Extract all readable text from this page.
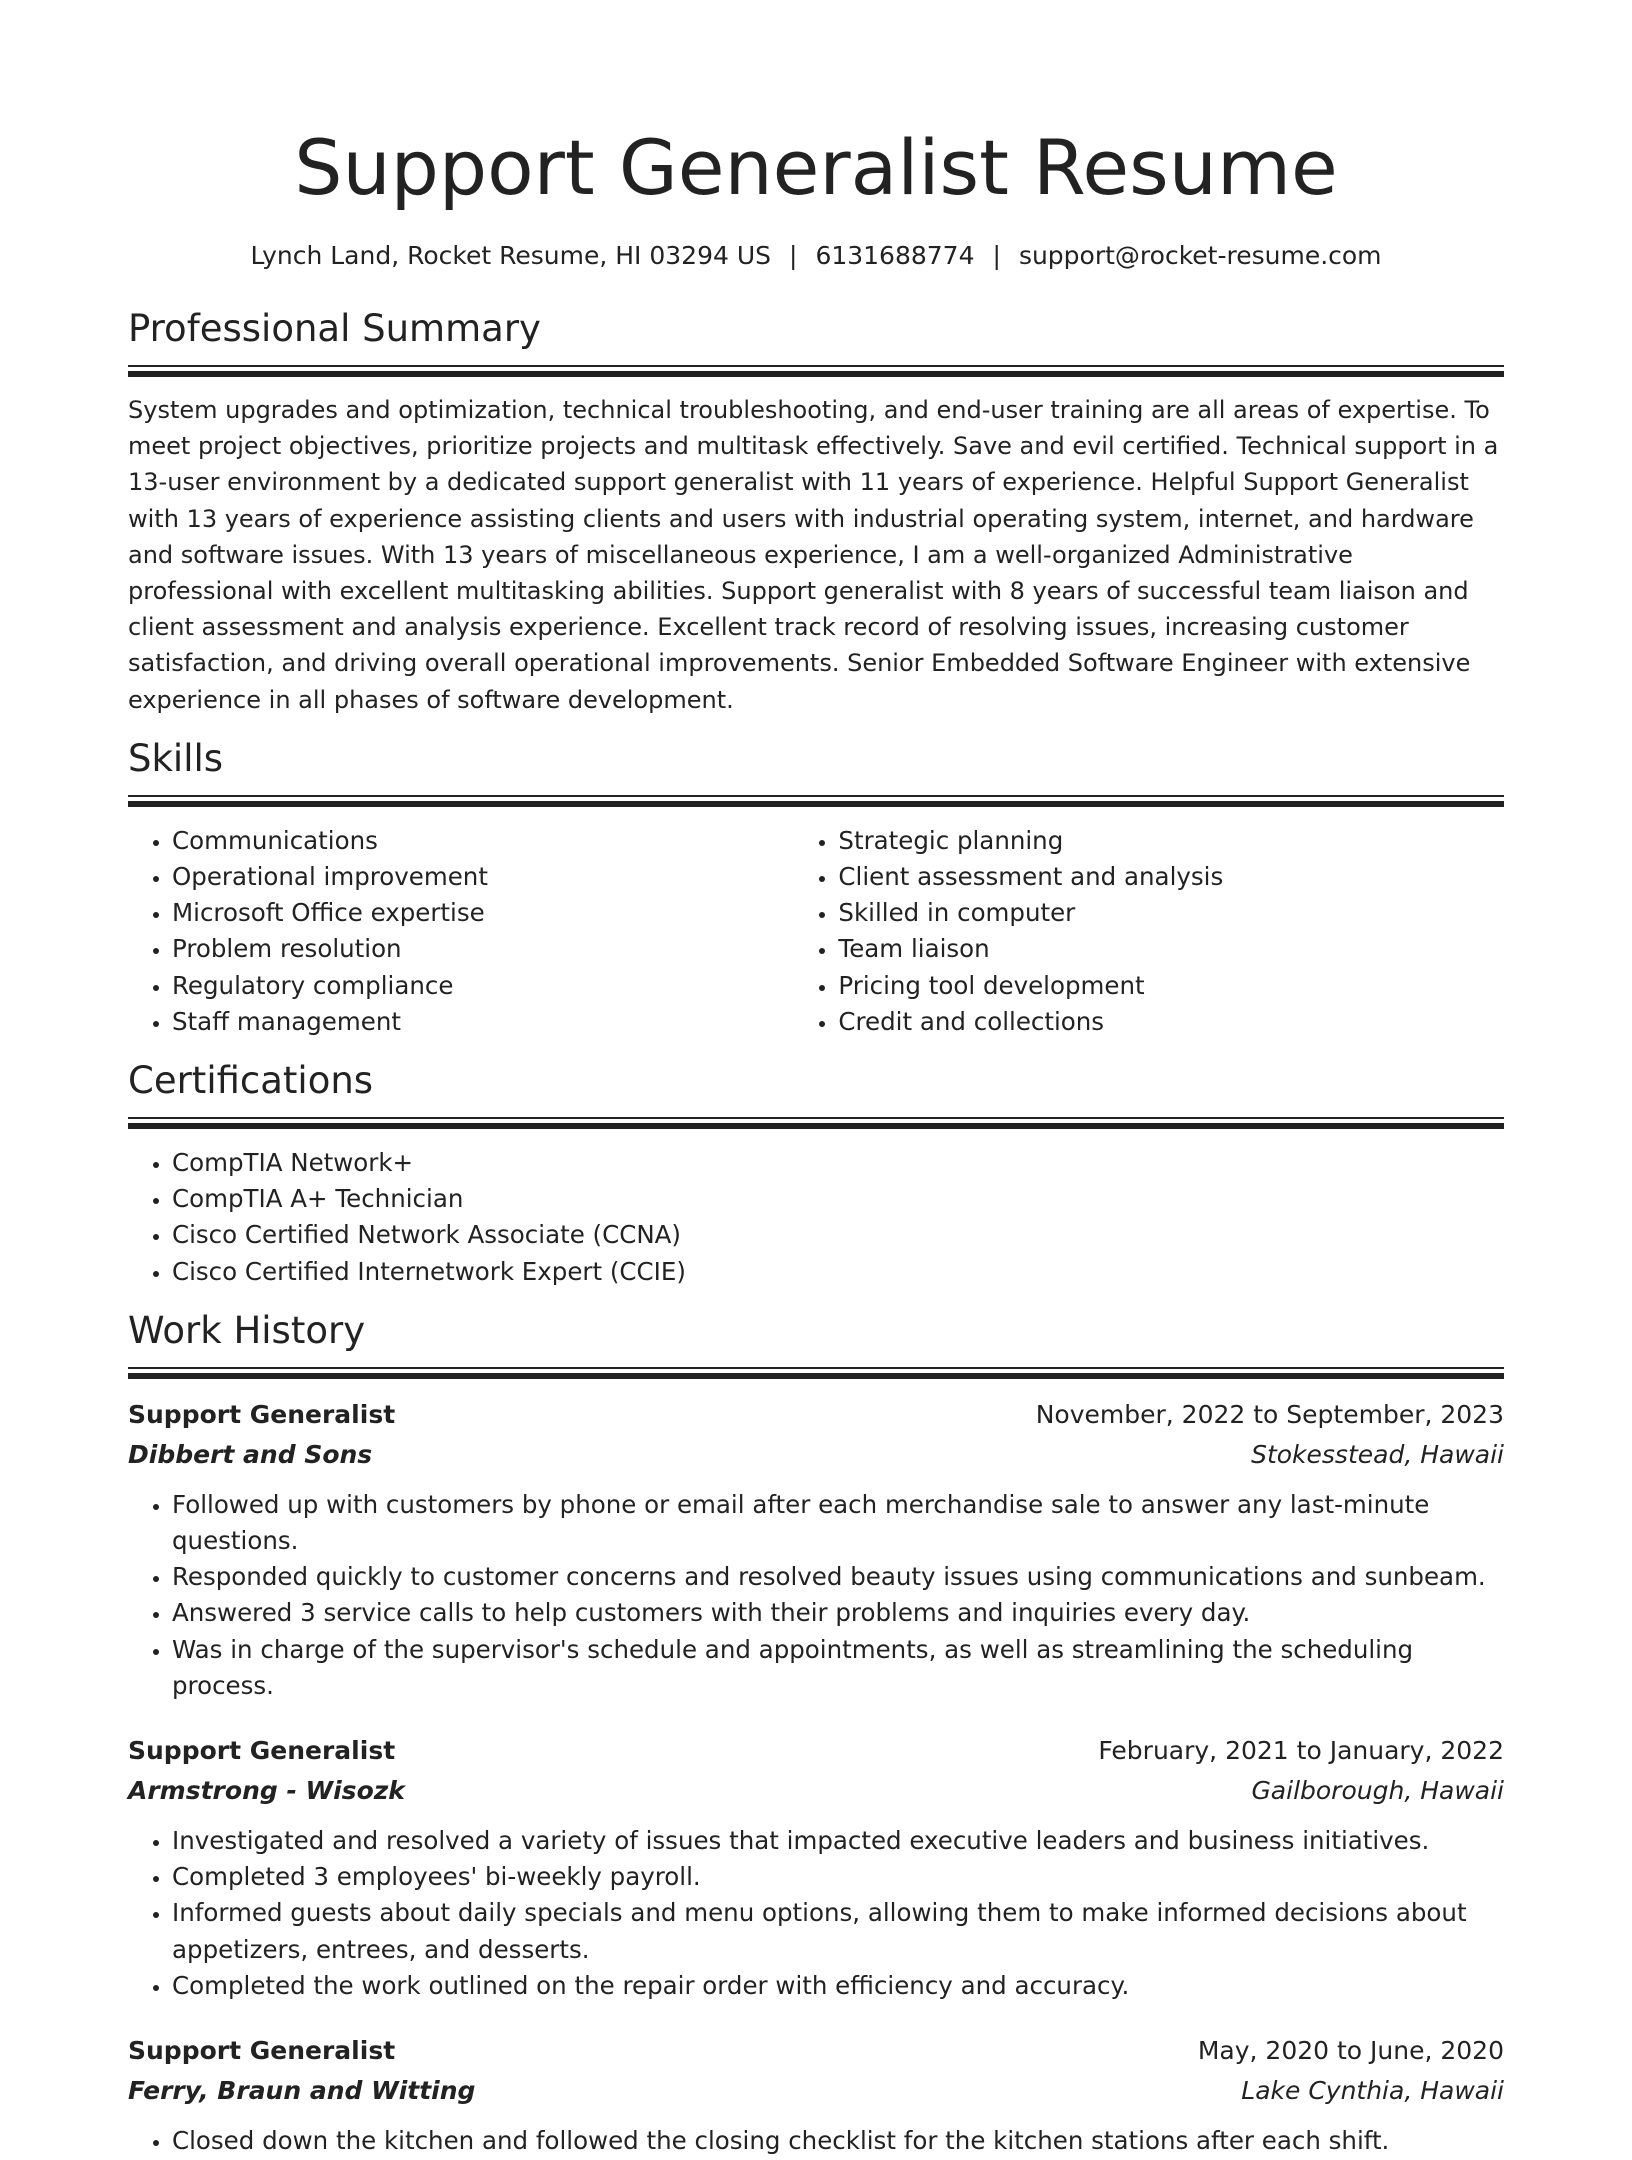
Support Generalist Resume
Lynch Land, Rocket Resume, HI 03294 US | 6131688774 | support@rocket-resume.com
Professional Summary

System upgrades and optimization, technical troubleshooting, and end-user training are all areas of expertise. To meet project objectives, prioritize projects and multitask effectively. Save and evil certified. Technical support in a 13-user environment by a dedicated support generalist with 11 years of experience. Helpful Support Generalist with 13 years of experience assisting clients and users with industrial operating system, internet, and hardware and software issues. With 13 years of miscellaneous experience, I am a well-organized Administrative professional with excellent multitasking abilities. Support generalist with 8 years of successful team liaison and client assessment and analysis experience. Excellent track record of resolving issues, increasing customer satisfaction, and driving overall operational improvements. Senior Embedded Software Engineer with extensive experience in all phases of software development.

Skills
• Communications
• Operational improvement
• Microsoft Office expertise
• Problem resolution
• Regulatory compliance
• Staff management
• Strategic planning
• Client assessment and analysis
• Skilled in computer
• Team liaison
• Pricing tool development
• Credit and collections
Certifications
• CompTIA Network+
• CompTIA A+ Technician
• Cisco Certified Network Associate (CCNA)
• Cisco Certified Internetwork Expert (CCIE)
Work History
Support Generalist	November, 2022 to September, 2023
Dibbert and Sons	Stokesstead, Hawaii
• Followed up with customers by phone or email after each merchandise sale to answer any last-minute questions.
• Responded quickly to customer concerns and resolved beauty issues using communications and sunbeam.
• Answered 3 service calls to help customers with their problems and inquiries every day.
• Was in charge of the supervisor's schedule and appointments, as well as streamlining the scheduling process.
Support Generalist	February, 2021 to January, 2022
Armstrong - Wisozk	Gailborough, Hawaii
• Investigated and resolved a variety of issues that impacted executive leaders and business initiatives.
• Completed 3 employees' bi-weekly payroll.
• Informed guests about daily specials and menu options, allowing them to make informed decisions about appetizers, entrees, and desserts.
• Completed the work outlined on the repair order with efficiency and accuracy.
Support Generalist	May, 2020 to June, 2020
Ferry, Braun and Witting	Lake Cynthia, Hawaii
• Closed down the kitchen and followed the closing checklist for the kitchen stations after each shift.
